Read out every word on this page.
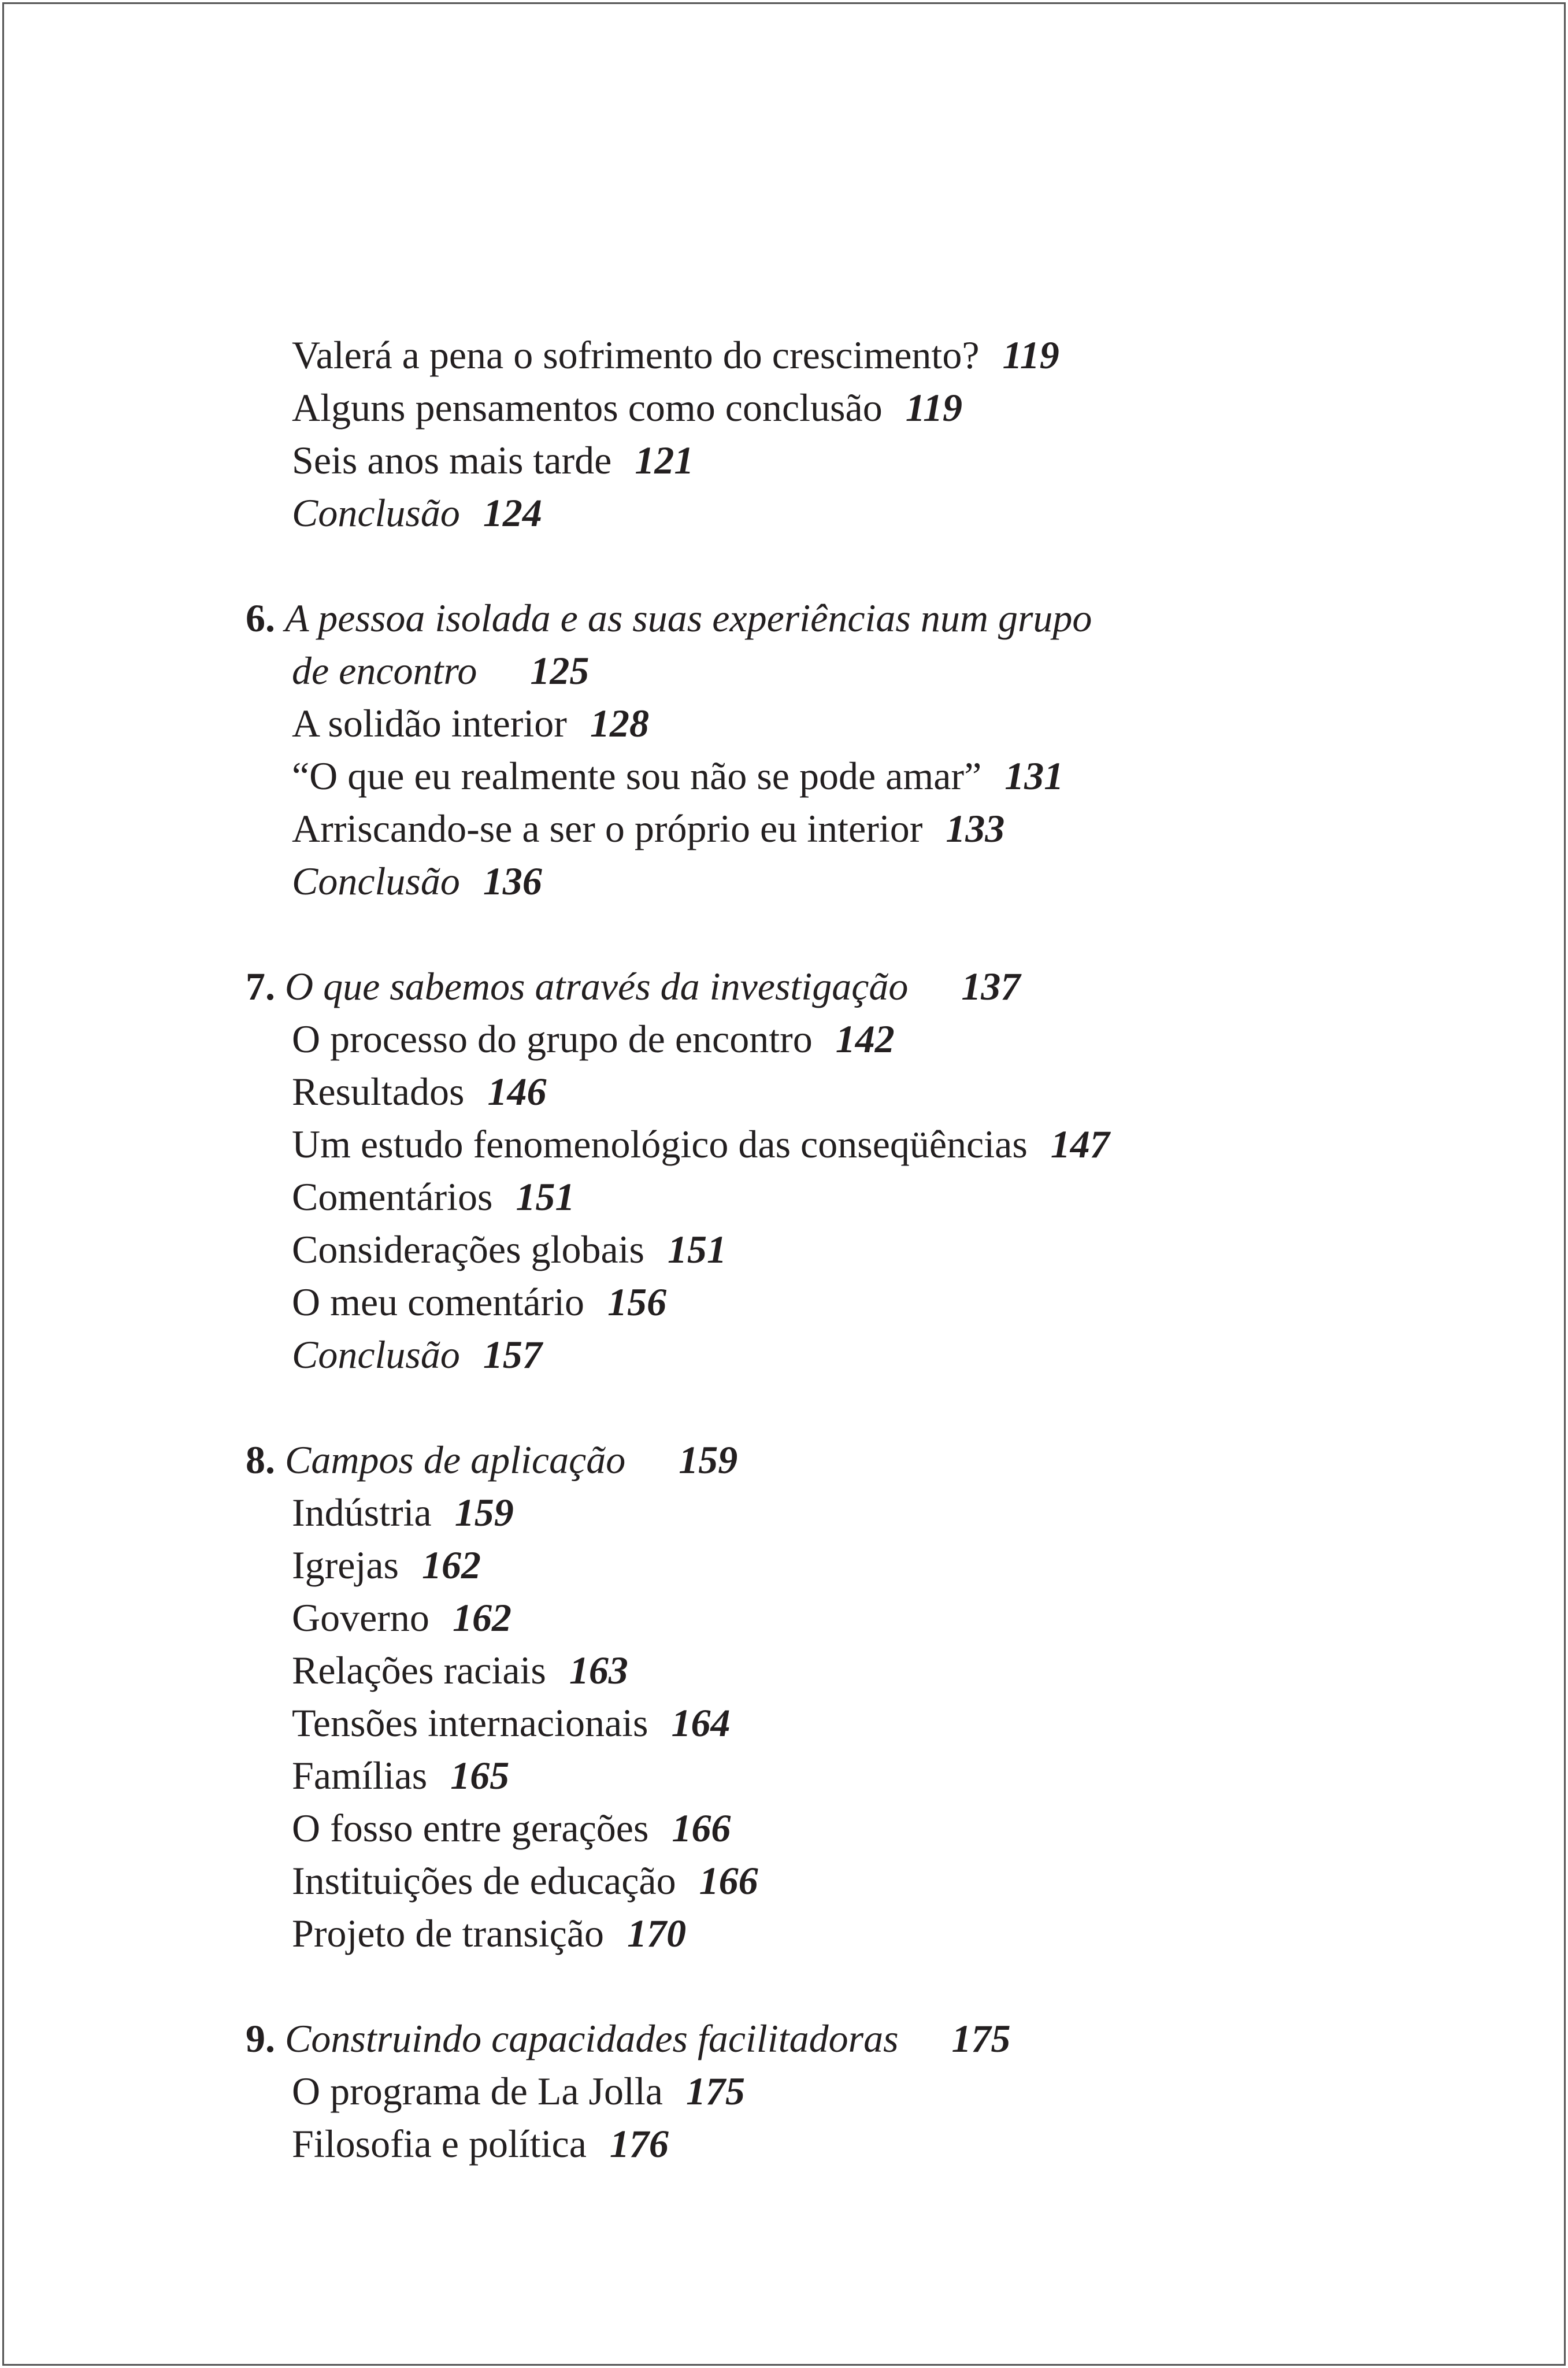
Valerá a pena o sofrimento do crescimento? 119
Alguns pensamentos como conclusão 119
Seis anos mais tarde 121
Conclusão 124
6. A pessoa isolada e as suas experiências num grupo
de encontro 125
A solidão interior 128
“O que eu realmente sou não se pode amar” 131
Arriscando-se a ser o próprio eu interior 133
Conclusão 136
7. O que sabemos através da investigação 137
O processo do grupo de encontro 142
Resultados 146
Um estudo fenomenológico das conseqüências 147
Comentários 151
Considerações globais 151
O meu comentário 156
Conclusão 157
8. Campos de aplicação 159
Indústria 159
Igrejas 162
Governo 162
Relações raciais 163
Tensões internacionais 164
Famílias 165
O fosso entre gerações 166
Instituições de educação 166
Projeto de transição 170
9. Construindo capacidades facilitadoras 175
O programa de La Jolla 175
Filosofia e política 176
